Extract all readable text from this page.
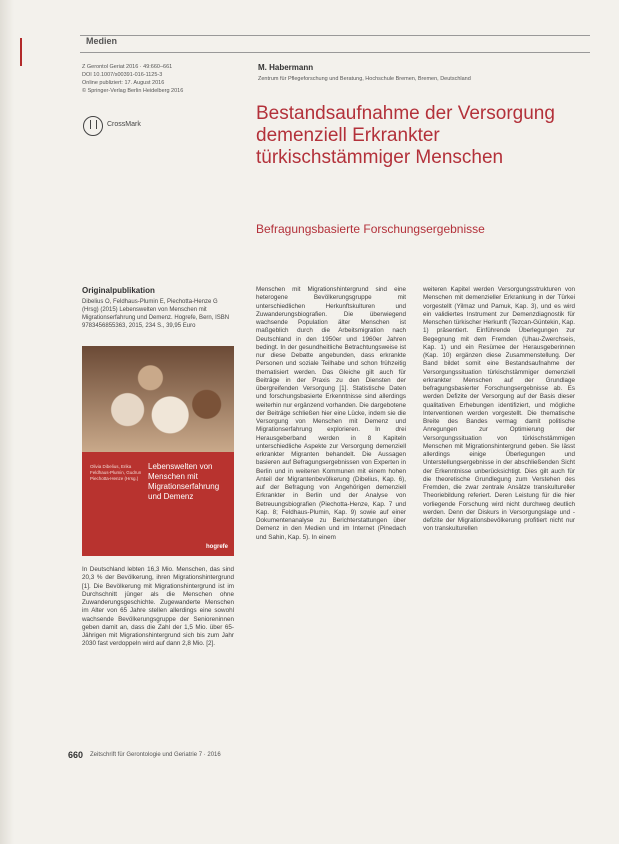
Medien
Z Gerontol Geriat 2016 · 49:660–661
DOI 10.1007/s00391-016-1125-3
Online publiziert: 17. August 2016
© Springer-Verlag Berlin Heidelberg 2016
CrossMark
M. Habermann
Zentrum für Pflegeforschung und Beratung, Hochschule Bremen, Bremen, Deutschland
Bestandsaufnahme der Versorgung demenziell Erkrankter türkischstämmiger Menschen
Befragungsbasierte Forschungsergebnisse
Originalpublikation
Dibelius O, Feldhaus-Plumin E, Piechotta-Henze G (Hrsg) (2015) Lebenswelten von Menschen mit Migrationserfahrung und Demenz. Hogrefe, Bern, ISBN 9783456855363, 2015, 234 S., 39,95 Euro
Olivia Dibelius, Erika Feldhaus-Plumin, Gudrun Piechotta-Henze (Hrsg.)
Lebenswelten von Menschen mit Migrationserfahrung und Demenz
hogrefe

In Deutschland lebten 16,3 Mio. Menschen, das sind 20,3 % der Bevölkerung, ihren Migrationshintergrund [1]. Die Bevölkerung mit Migrationshintergrund ist im Durchschnitt jünger als die Menschen ohne Zuwanderungsgeschichte. Zugewanderte Menschen im Alter von 65 Jahre stellen allerdings eine sowohl wachsende Bevölkerungsgruppe der Senioreninnen geben damit an, dass die Zahl der 1,5 Mio. über 65-Jährigen mit Migrationshintergrund sich bis zum Jahr 2030 fast verdoppeln wird auf dann 2,8 Mio. [2].

Menschen mit Migrationshintergrund sind eine heterogene Bevölkerungsgruppe mit unterschiedlichen Herkunftskulturen und Zuwanderungsbiografien. Die überwiegend wachsende Population älter Menschen ist maßgeblich durch die Arbeitsmigration nach Deutschland in den 1950er und 1960er Jahren bedingt. In der gesundheitliche Betrachtungsweise ist nur diese Debatte angebunden, dass erkrankte Personen und soziale Teilhabe und schon frühzeitig thematisiert werden. Das Gleiche gilt auch für Beiträge in der Praxis zu den Diensten der übergreifenden Versorgung [1]. Statistische Daten und forschungsbasierte Erkenntnisse sind allerdings weiterhin nur ergänzend vorhanden. Die dargebotene der Beiträge schließen hier eine Lücke, indem sie die Versorgung von Menschen mit Demenz und Migrationserfahrung explorieren. In drei Herausgeberband werden in 8 Kapiteln unterschiedliche Aspekte zur Versorgung demenziell erkrankter Migranten behandelt. Die Aussagen basieren auf Befragungsergebnissen von Experten in Berlin und in weiteren Kommunen mit einem hohen Anteil der Migrantenbevölkerung (Dibelius, Kap. 6), auf der Befragung von Angehörigen demenziell Erkrankter in Berlin und der Analyse von Betreuungsbiografien (Piechotta-Henze, Kap. 7 und Kap. 8; Feldhaus-Plumin, Kap. 9) sowie auf einer Dokumentenanalyse zu Berichterstattungen über Demenz in den Medien und im Internet (Pinedach und Sahin, Kap. 5). In einem

weiteren Kapitel werden Versorgungsstrukturen von Menschen mit demenzieller Erkrankung in der Türkei vorgestellt (Yilmaz und Pamuk, Kap. 3), und es wird ein validiertes Instrument zur Demenzdiagnostik für Menschen türkischer Herkunft (Tezcan-Güntekin, Kap. 1) präsentiert. Einführende Überlegungen zur Begegnung mit dem Fremden (Uhau-Zwerchseis, Kap. 1) und ein Resümee der Herausgeberinnen (Kap. 10) ergänzen diese Zusammenstellung. Der Band bildet somit eine Bestandsaufnahme der Versorgungssituation türkischstämmiger demenziell erkrankter Menschen auf der Grundlage befragungsbasierter Forschungsergebnisse ab. Es werden Defizite der Versorgung auf der Basis dieser qualitativen Erhebungen identifiziert, und mögliche Interventionen werden vorgestellt. Die thematische Breite des Bandes vermag damit politische Anregungen zur Optimierung der Versorgungssituation von türkischstämmigen Menschen mit Migrationshintergrund geben. Sie lässt allerdings einige Überlegungen und Unterstellungsergebnisse in der abschließenden Sicht der Erkenntnisse unberücksichtigt. Dies gilt auch für die theoretische Grundlegung zum Verstehen des Fremden, die zwar zentrale Ansätze transkultureller Theoriebildung referiert. Deren Leistung für die hier vorliegende Forschung wird nicht durchweg deutlich werden. Denn der Diskurs in Versorgungslage und -defizite der Migrationsbevölkerung profitiert nicht nur von transkulturellen

660 Zeitschrift für Gerontologie und Geriatrie 7 · 2016
